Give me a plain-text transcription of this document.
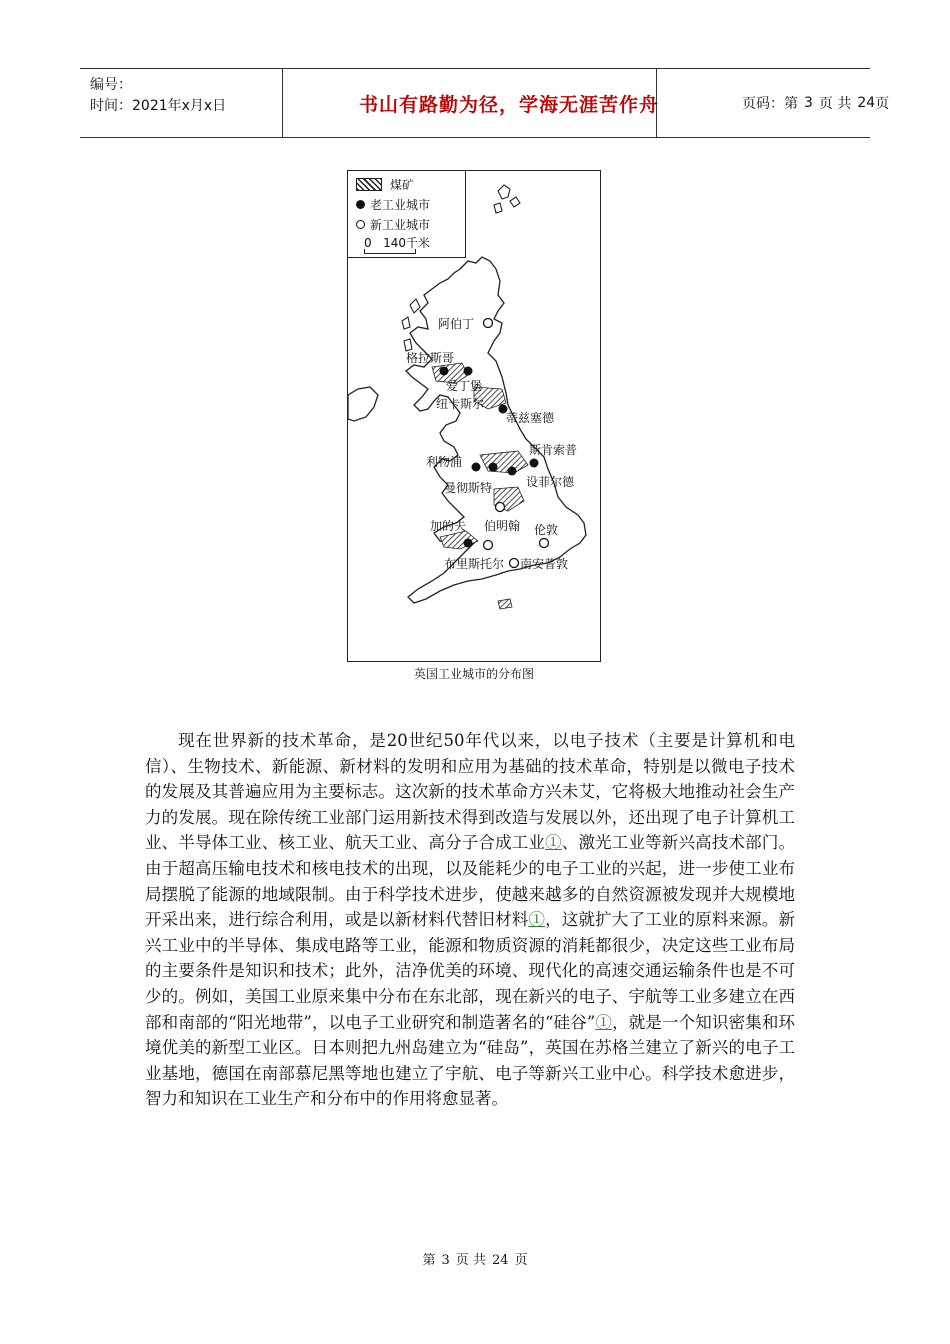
编号：
时间：2021年x月x日	书山有路勤为径，学海无涯苦作舟	页码：第 3 页 共 24 页
煤矿
老工业城市
新工业城市
0   140千米
阿伯丁
格拉斯哥
爱丁堡
纽卡斯尔
蒂兹塞德
斯肯索普
利物浦
曼彻斯特	设菲尔德
加的夫 伯明翰 伦敦
布里斯托尔 南安普敦
英国工业城市的分布图

现在世界新的技术革命，是20世纪50年代以来，以电子技术（主要是计算机和电信）、生物技术、新能源、新材料的发明和应用为基础的技术革命，特别是以微电子技术的发展及其普遍应用为主要标志。这次新的技术革命方兴未艾，它将极大地推动社会生产力的发展。现在除传统工业部门运用新技术得到改造与发展以外，还出现了电子计算机工业、半导体工业、核工业、航天工业、高分子合成工业①、激光工业等新兴高技术部门。由于超高压输电技术和核电技术的出现，以及能耗少的电子工业的兴起，进一步使工业布局摆脱了能源的地域限制。由于科学技术进步，使越来越多的自然资源被发现并大规模地开采出来，进行综合利用，或是以新材料代替旧材料①，这就扩大了工业的原料来源。新兴工业中的半导体、集成电路等工业，能源和物质资源的消耗都很少，决定这些工业布局的主要条件是知识和技术；此外，洁净优美的环境、现代化的高速交通运输条件也是不可少的。例如，美国工业原来集中分布在东北部，现在新兴的电子、宇航等工业多建立在西部和南部的“阳光地带”，以电子工业研究和制造著名的“硅谷”①，就是一个知识密集和环境优美的新型工业区。日本则把九州岛建立为“硅岛”，英国在苏格兰建立了新兴的电子工业基地，德国在南部慕尼黑等地也建立了宇航、电子等新兴工业中心。科学技术愈进步，智力和知识在工业生产和分布中的作用将愈显著。

第 3 页 共 24 页
